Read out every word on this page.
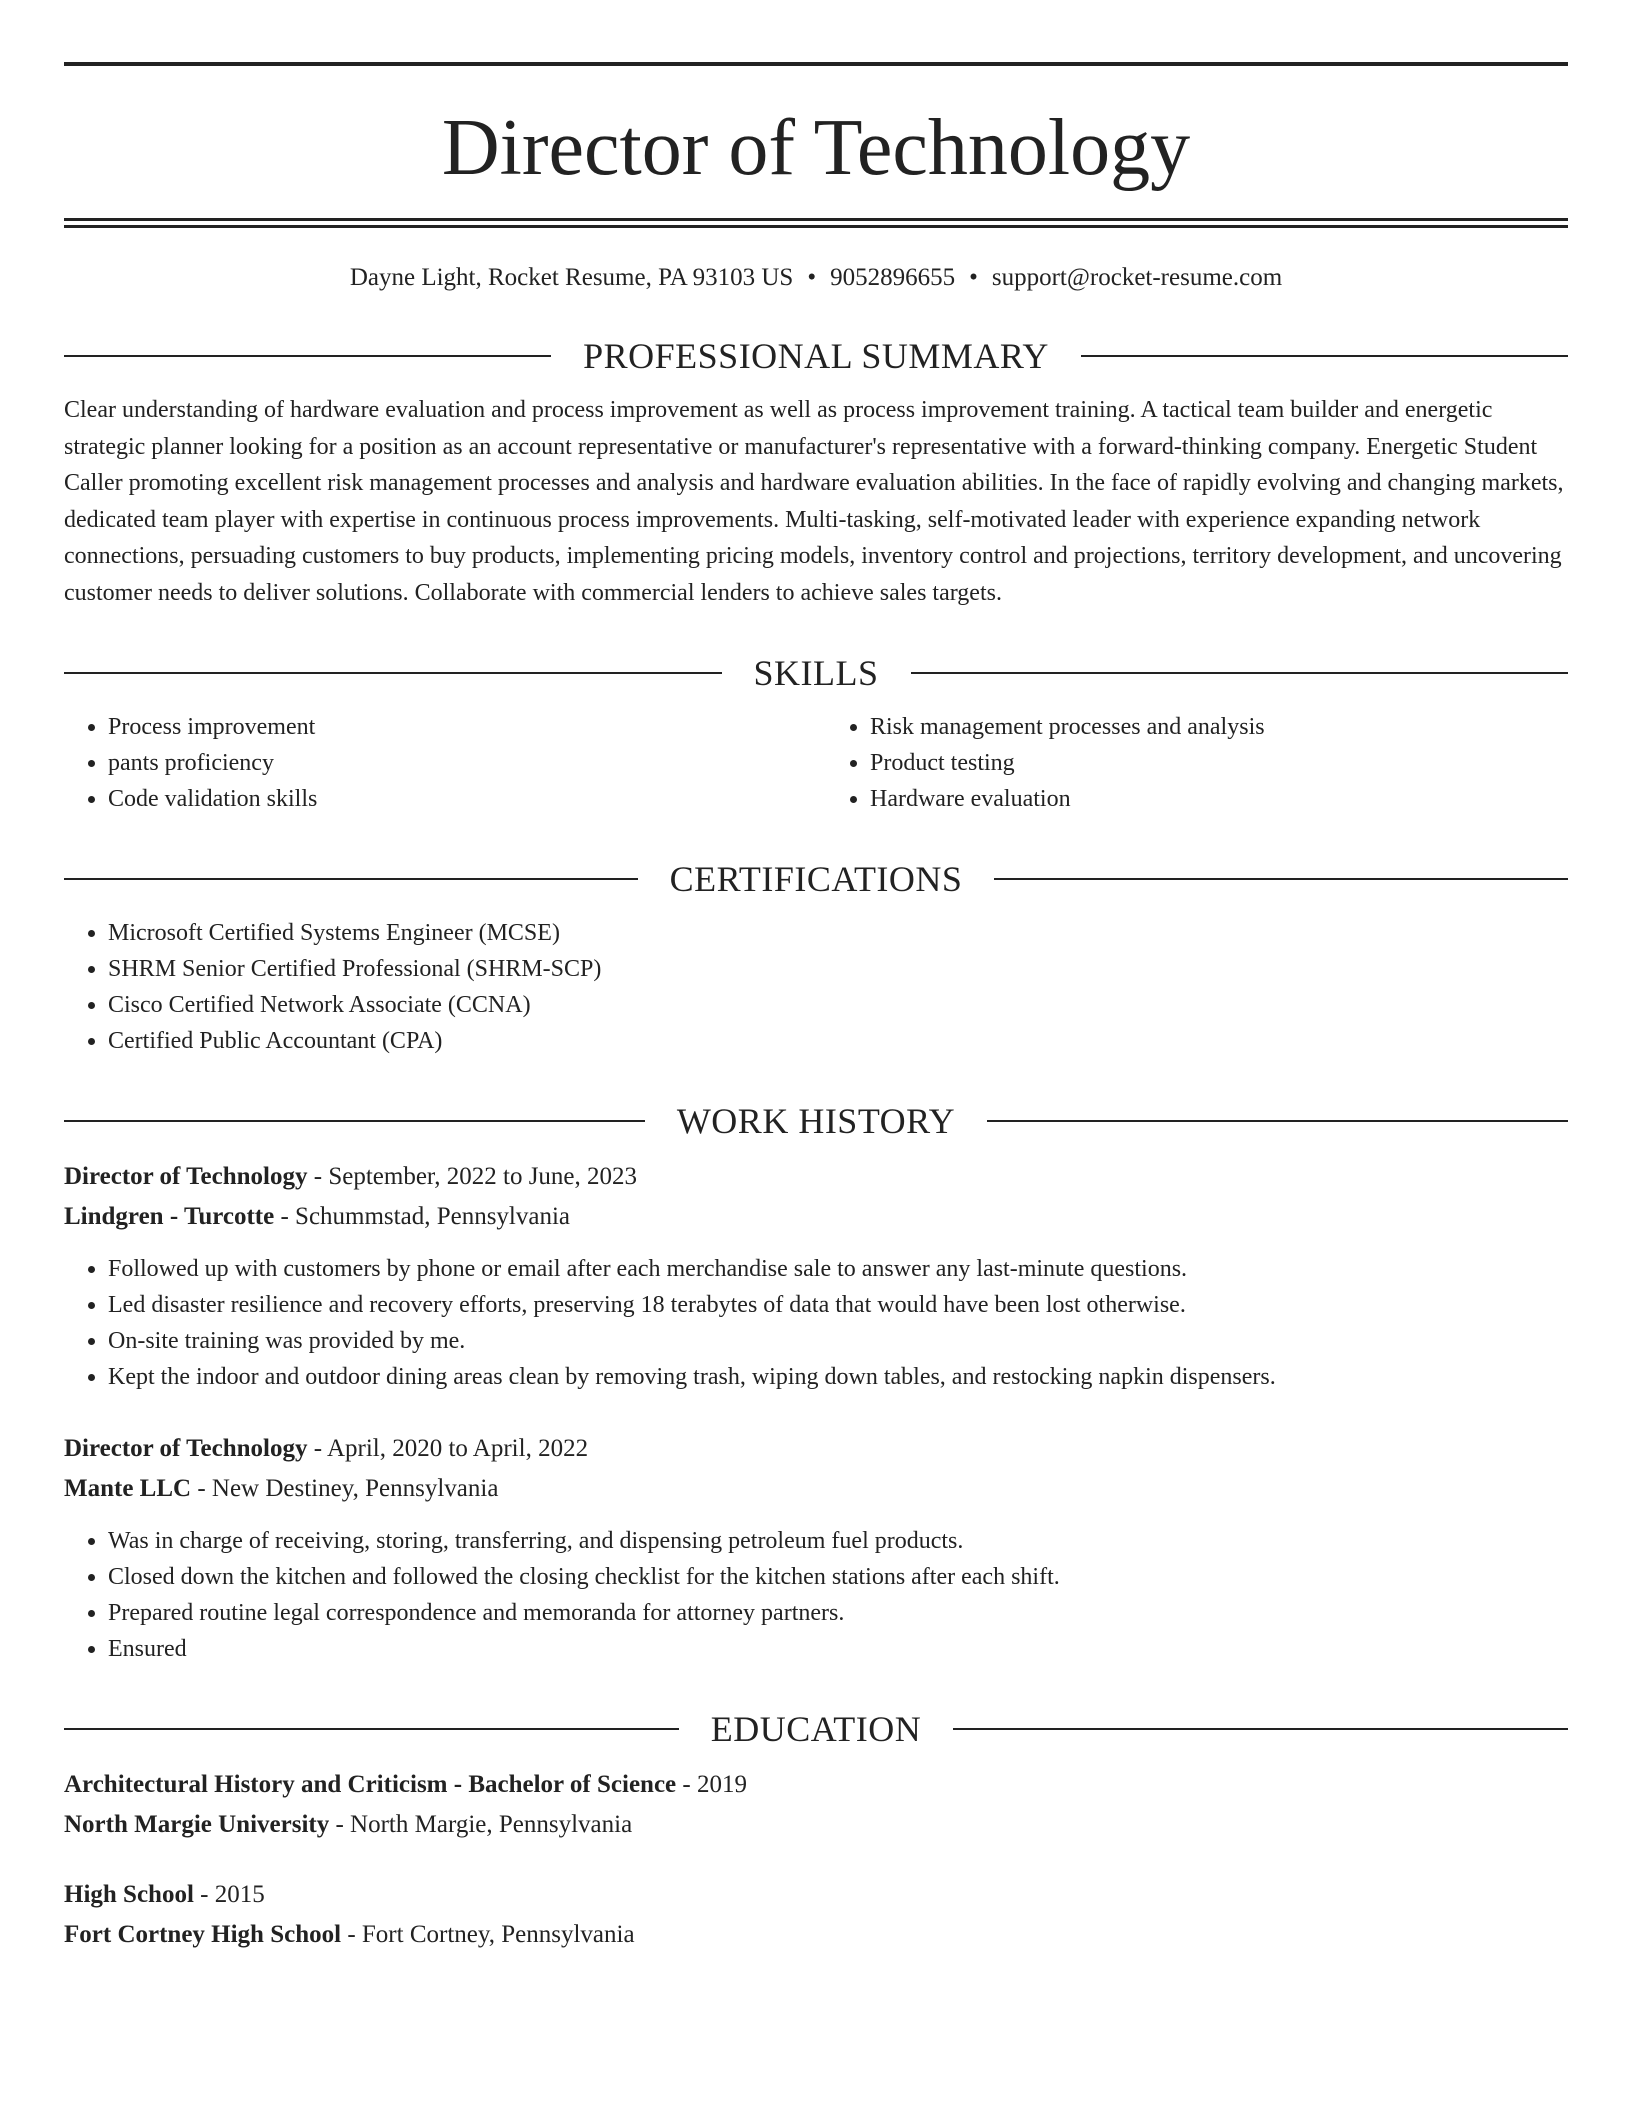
Director of Technology
Dayne Light, Rocket Resume, PA 93103 US • 9052896655 • support@rocket-resume.com
PROFESSIONAL SUMMARY

Clear understanding of hardware evaluation and process improvement as well as process improvement training. A tactical team builder and energetic strategic planner looking for a position as an account representative or manufacturer's representative with a forward-thinking company. Energetic Student Caller promoting excellent risk management processes and analysis and hardware evaluation abilities. In the face of rapidly evolving and changing markets, dedicated team player with expertise in continuous process improvements. Multi-tasking, self-motivated leader with experience expanding network connections, persuading customers to buy products, implementing pricing models, inventory control and projections, territory development, and uncovering customer needs to deliver solutions. Collaborate with commercial lenders to achieve sales targets.

SKILLS
• Process improvement
• pants proficiency
• Code validation skills
• Risk management processes and analysis
• Product testing
• Hardware evaluation
CERTIFICATIONS
• Microsoft Certified Systems Engineer (MCSE)
• SHRM Senior Certified Professional (SHRM-SCP)
• Cisco Certified Network Associate (CCNA)
• Certified Public Accountant (CPA)
WORK HISTORY
Director of Technology - September, 2022 to June, 2023
Lindgren - Turcotte - Schummstad, Pennsylvania
• Followed up with customers by phone or email after each merchandise sale to answer any last-minute questions.
• Led disaster resilience and recovery efforts, preserving 18 terabytes of data that would have been lost otherwise.
• On-site training was provided by me.
• Kept the indoor and outdoor dining areas clean by removing trash, wiping down tables, and restocking napkin dispensers.
Director of Technology - April, 2020 to April, 2022
Mante LLC - New Destiney, Pennsylvania
• Was in charge of receiving, storing, transferring, and dispensing petroleum fuel products.
• Closed down the kitchen and followed the closing checklist for the kitchen stations after each shift.
• Prepared routine legal correspondence and memoranda for attorney partners.
• Ensured
EDUCATION
Architectural History and Criticism - Bachelor of Science - 2019
North Margie University - North Margie, Pennsylvania
High School - 2015
Fort Cortney High School - Fort Cortney, Pennsylvania
